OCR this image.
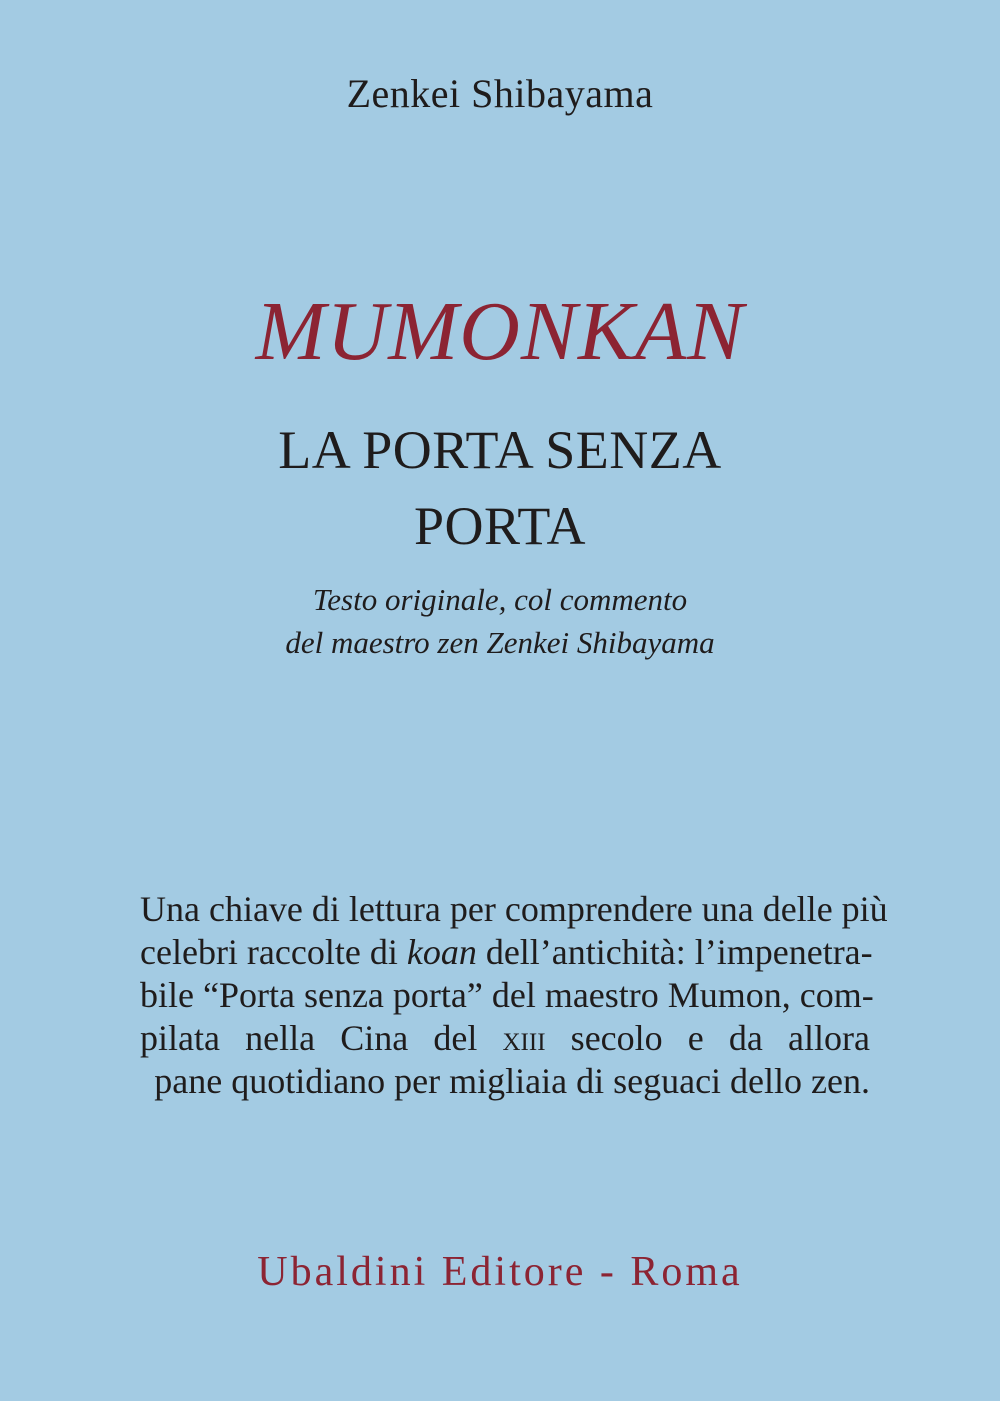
Zenkei Shibayama
MUMONKAN
LA PORTA SENZA
PORTA
Testo originale, col commento
del maestro zen Zenkei Shibayama
Una chiave di lettura per comprendere una delle più
celebri raccolte di koan dell’antichità: l’impenetra-
bile “Porta senza porta” del maestro Mumon, com-
pilata nella Cina del xiii secolo e da allora
pane quotidiano per migliaia di seguaci dello zen.
Ubaldini Editore - Roma
